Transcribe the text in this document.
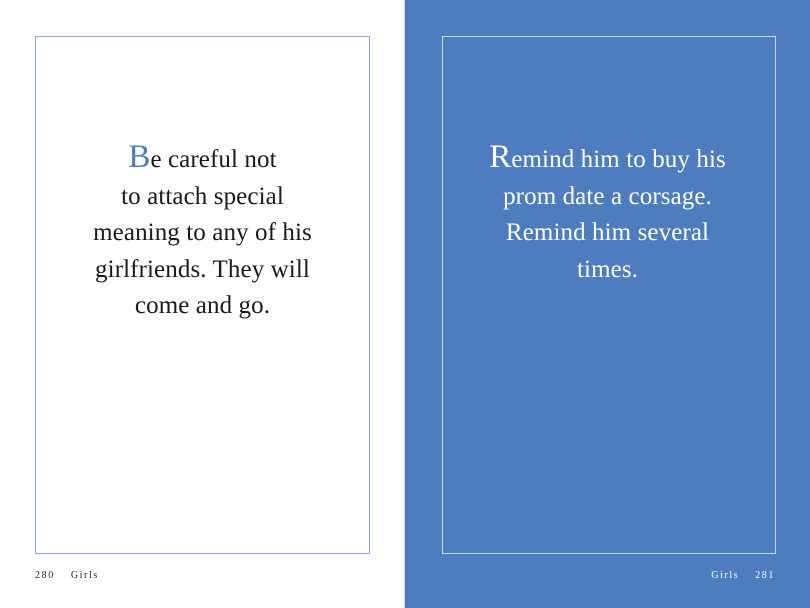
Be careful not
to attach special
meaning to any of his
girlfriends. They will
come and go.
280 Girls
Remind him to buy his
prom date a corsage.
Remind him several
times.
Girls 281
